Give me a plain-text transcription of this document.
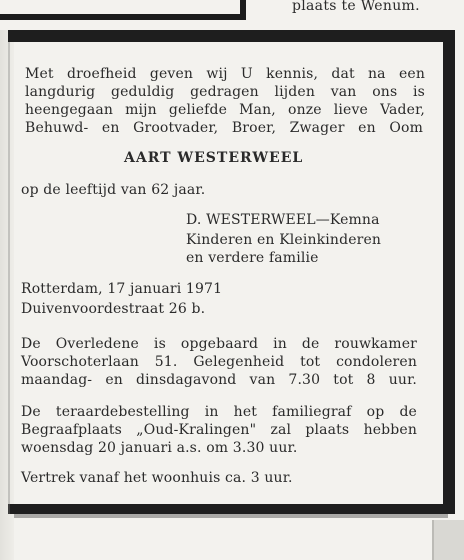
plaats te Wenum.
Met droefheid geven wij U kennis, dat na een
langdurig geduldig gedragen lijden van ons is
heengegaan mijn geliefde Man, onze lieve Vader,
Behuwd- en Grootvader, Broer, Zwager en Oom
AART WESTERWEEL
op de leeftijd van 62 jaar.
D. WESTERWEEL—Kemna
Kinderen en Kleinkinderen
en verdere familie
Rotterdam, 17 januari 1971
Duivenvoordestraat 26 b.
De Overledene is opgebaard in de rouwkamer
Voorschoterlaan 51. Gelegenheid tot condoleren
maandag- en dinsdagavond van 7.30 tot 8 uur.
De teraardebestelling in het familiegraf op de
Begraafplaats „Oud-Kralingen" zal plaats hebben
woensdag 20 januari a.s. om 3.30 uur.
Vertrek vanaf het woonhuis ca. 3 uur.
